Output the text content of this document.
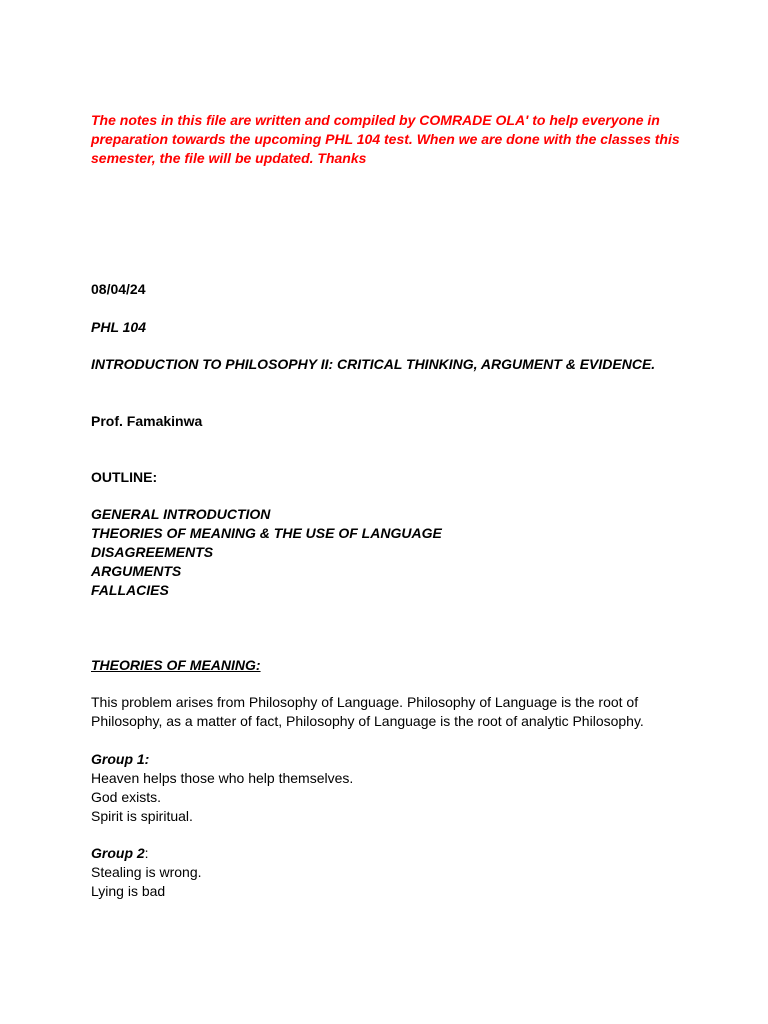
The notes in this file are written and compiled by COMRADE OLA' to help everyone in preparation towards the upcoming PHL 104 test. When we are done with the classes this semester, the file will be updated. Thanks

08/04/24

PHL 104

INTRODUCTION TO PHILOSOPHY II: CRITICAL THINKING, ARGUMENT & EVIDENCE.

Prof. Famakinwa

OUTLINE:

GENERAL INTRODUCTION
THEORIES OF MEANING & THE USE OF LANGUAGE
DISAGREEMENTS
ARGUMENTS
FALLACIES

THEORIES OF MEANING:

This problem arises from Philosophy of Language. Philosophy of Language is the root of Philosophy, as a matter of fact, Philosophy of Language is the root of analytic Philosophy.

Group 1:
Heaven helps those who help themselves.
God exists.
Spirit is spiritual.
Group 2:
Stealing is wrong.
Lying is bad
